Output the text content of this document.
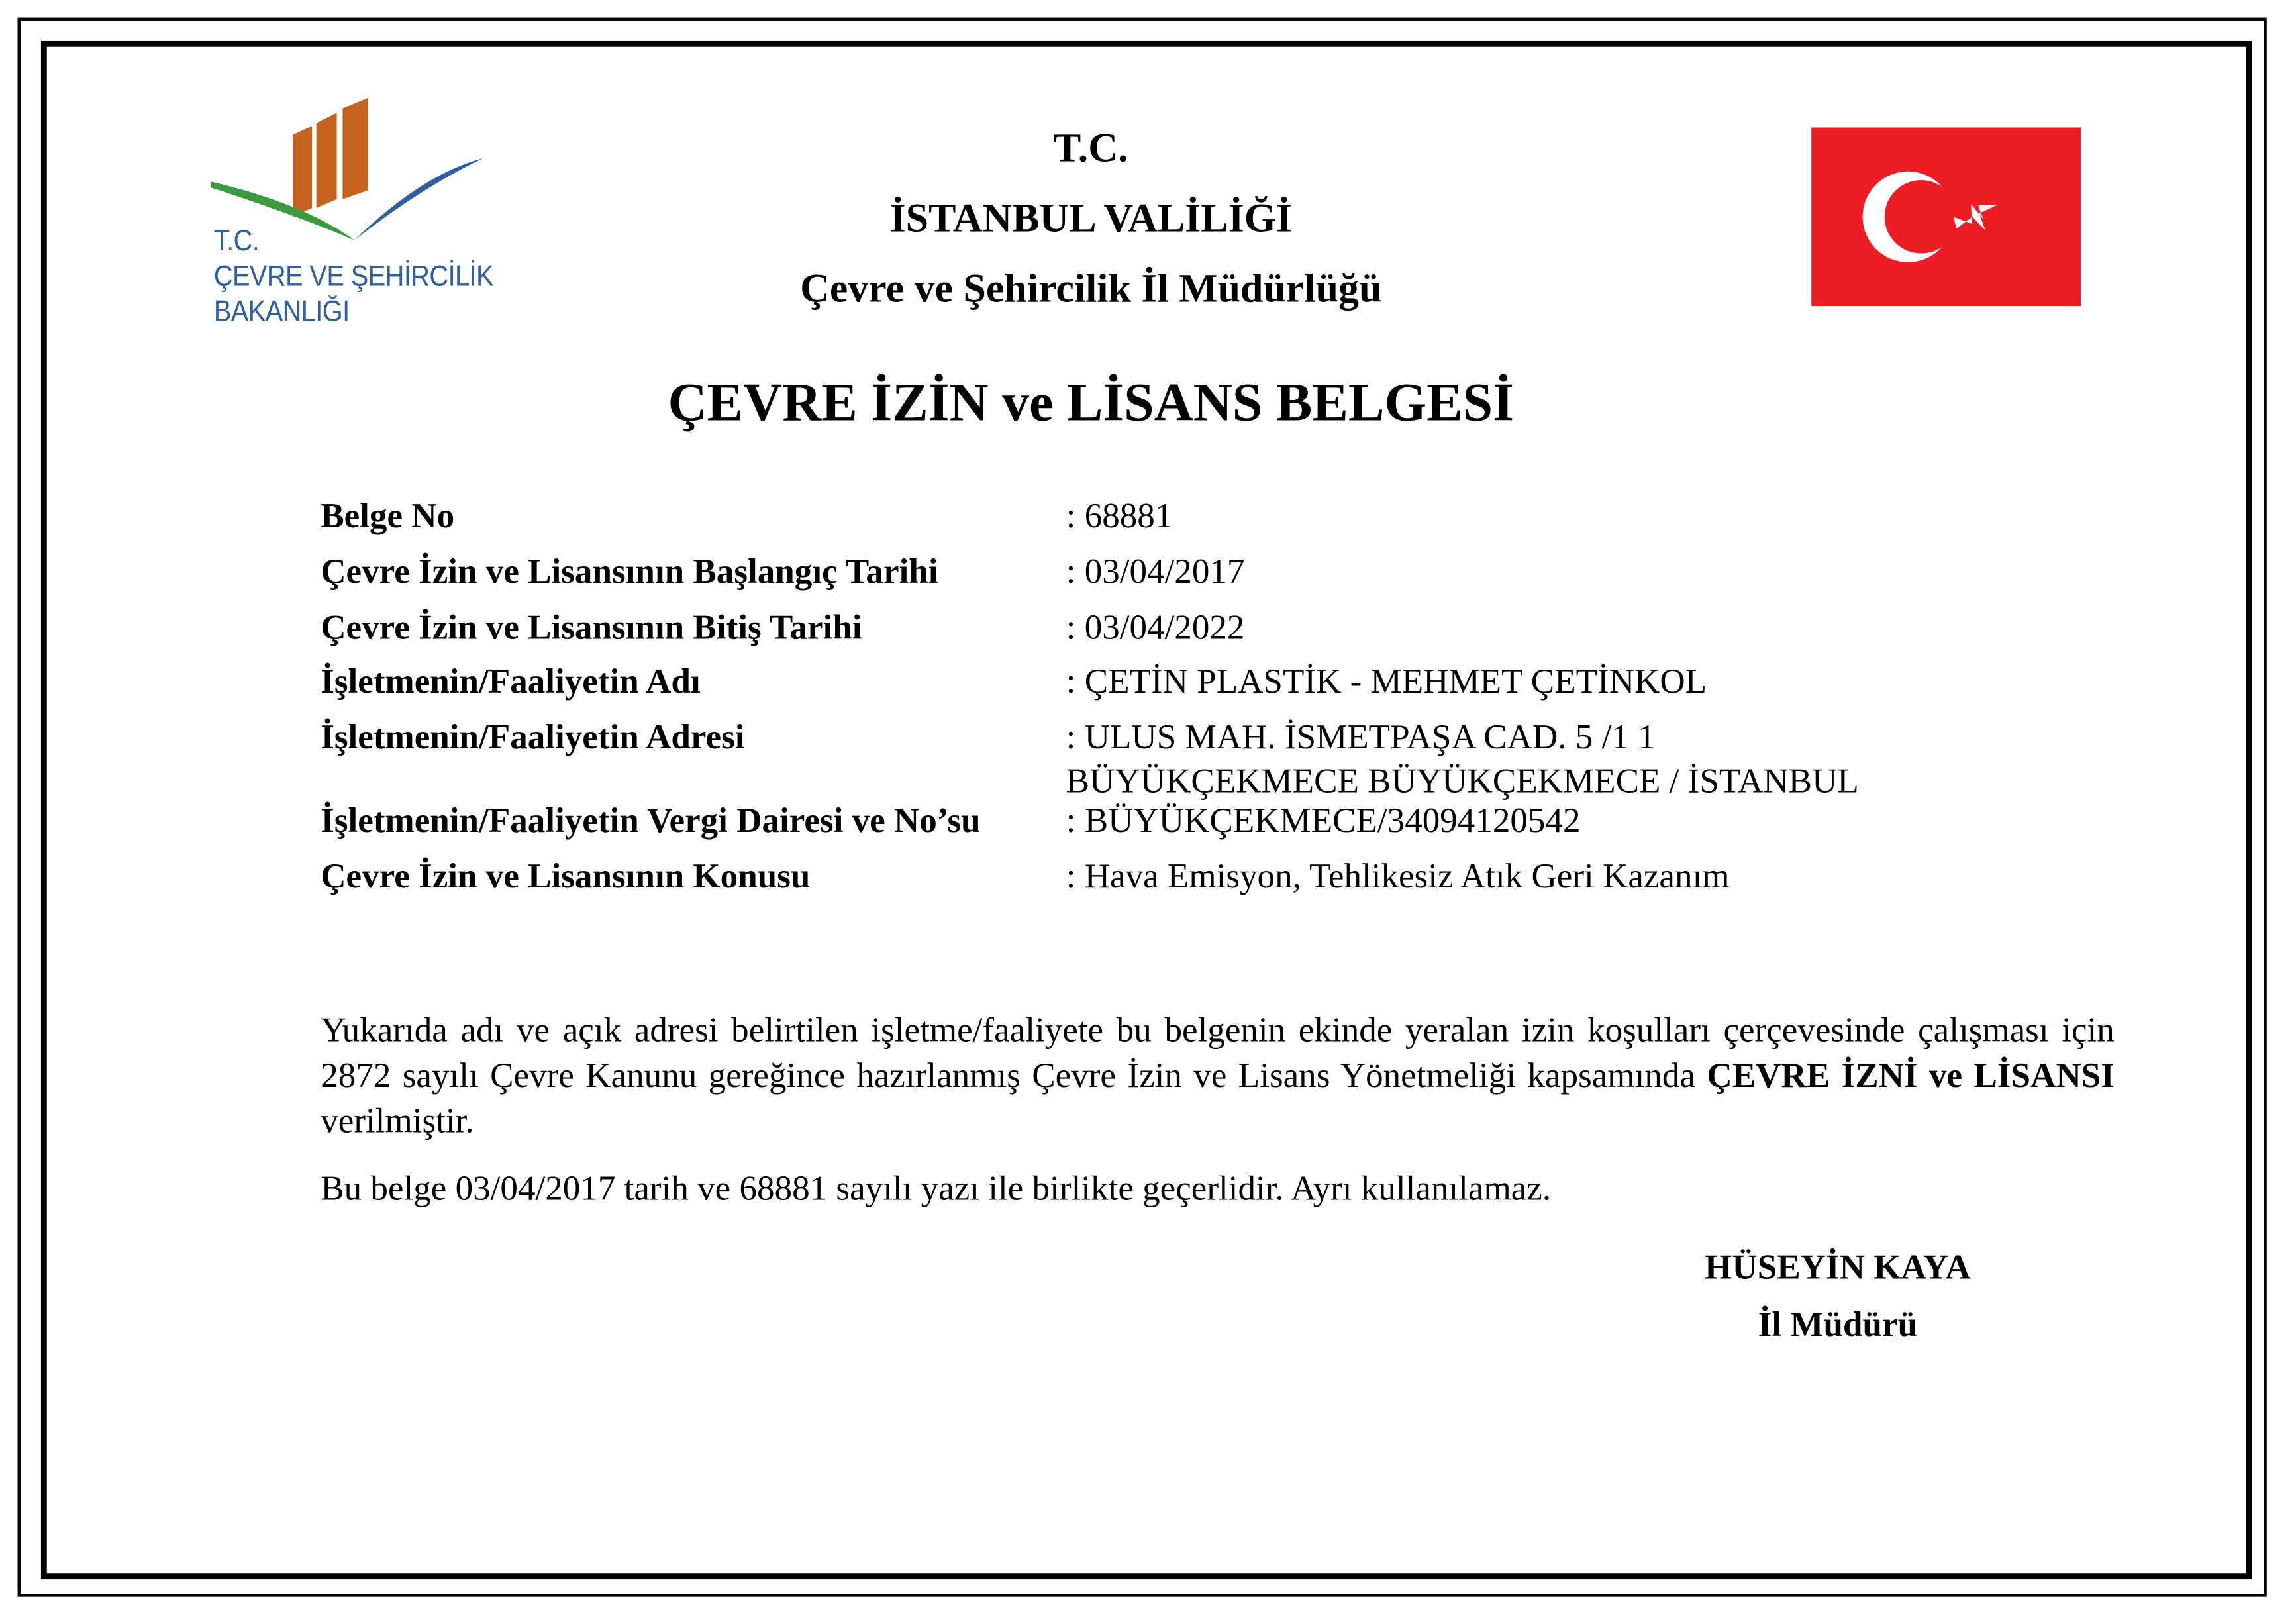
T.C.
ÇEVRE VE ŞEHİRCİLİK
BAKANLIĞI
T.C.
İSTANBUL VALİLİĞİ
Çevre ve Şehircilik İl Müdürlüğü
ÇEVRE İZİN ve LİSANS BELGESİ
Belge No	: 68881
Çevre İzin ve Lisansının Başlangıç Tarihi	: 03/04/2017
Çevre İzin ve Lisansının Bitiş Tarihi	: 03/04/2022
İşletmenin/Faaliyetin Adı	: ÇETİN PLASTİK - MEHMET ÇETİNKOL
İşletmenin/Faaliyetin Adresi	: ULUS MAH. İSMETPAŞA CAD. 5 /1 1
BÜYÜKÇEKMECE BÜYÜKÇEKMECE / İSTANBUL
İşletmenin/Faaliyetin Vergi Dairesi ve No’su	: BÜYÜKÇEKMECE/34094120542
Çevre İzin ve Lisansının Konusu	: Hava Emisyon, Tehlikesiz Atık Geri Kazanım
Yukarıda adı ve açık adresi belirtilen işletme/faaliyete bu belgenin ekinde yeralan izin koşulları çerçevesinde çalışması için 2872 sayılı Çevre Kanunu gereğince hazırlanmış Çevre İzin ve Lisans Yönetmeliği kapsamında ÇEVRE İZNİ ve LİSANSI verilmiştir.
Bu belge 03/04/2017 tarih ve 68881 sayılı yazı ile birlikte geçerlidir. Ayrı kullanılamaz.
HÜSEYİN KAYA
İl Müdürü
